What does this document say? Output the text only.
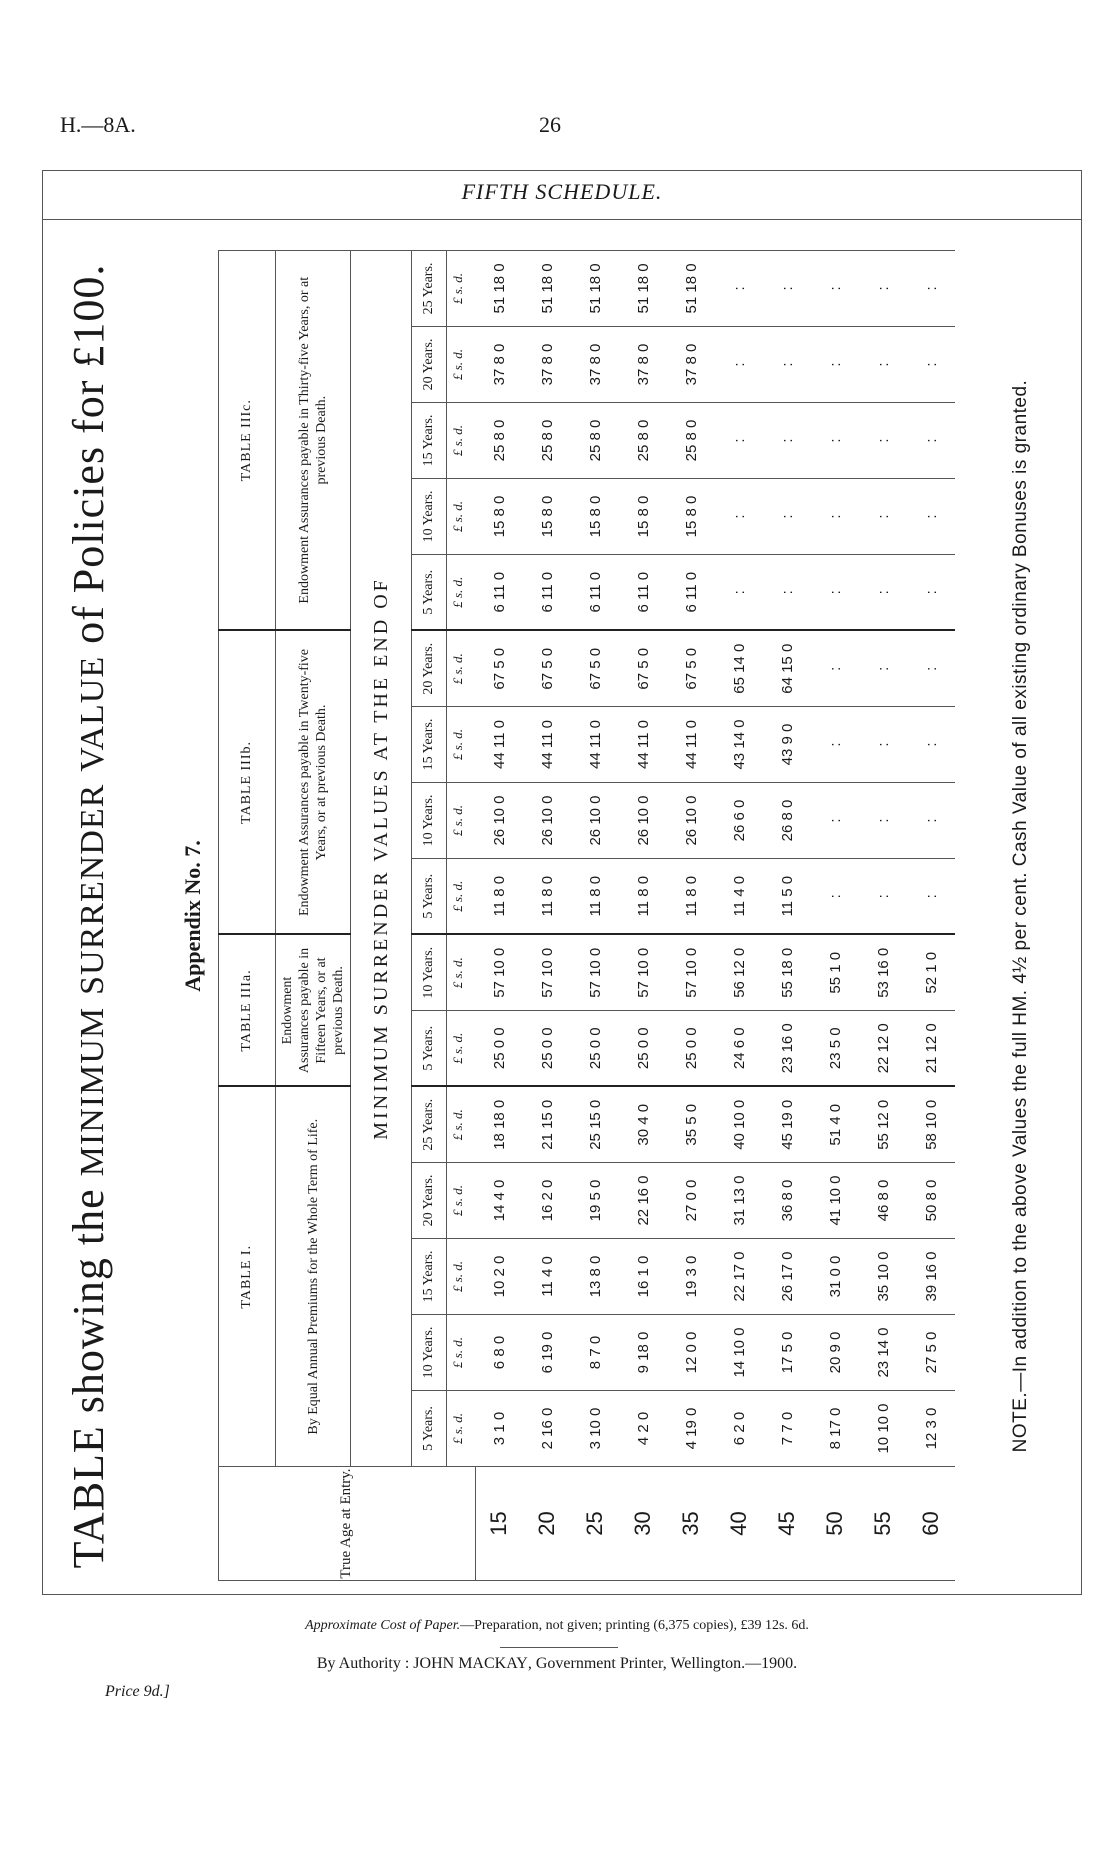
H.—8A.	26
FIFTH SCHEDULE.
TABLE showing the MINIMUM SURRENDER VALUE of Policies for £100.
Appendix No. 7.
True Age at Entry.	TABLE I.					TABLE IIIa.		TABLE IIIb.				TABLE IIIc.				
	By Equal Annual Premiums for the Whole Term of Life.					Endowment Assurances payable in Fifteen Years, or at previous Death.		Endowment Assurances payable in Twenty-five Years, or at previous Death.				Endowment Assurances payable in Thirty-five Years, or at previous Death.				
	MINIMUM SURRENDER VALUES AT THE END OF															
	5 Years.	10 Years.	15 Years.	20 Years.	25 Years.	5 Years.	10 Years.	5 Years.	10 Years.	15 Years.	20 Years.	5 Years.	10 Years.	15 Years.	20 Years.	25 Years.
	£ s. d.	£ s. d.	£ s. d.	£ s. d.	£ s. d.	£ s. d.	£ s. d.	£ s. d.	£ s. d.	£ s. d.	£ s. d.	£ s. d.	£ s. d.	£ s. d.	£ s. d.	£ s. d.

15	3 1 0	6 8 0	10 2 0	14 4 0	18 18 0	25 0 0	57 10 0	11 8 0	26 10 0	44 11 0	67 5 0	6 11 0	15 8 0	25 8 0	37 8 0	51 18 0
20	2 16 0	6 19 0	11 4 0	16 2 0	21 15 0	25 0 0	57 10 0	11 8 0	26 10 0	44 11 0	67 5 0	6 11 0	15 8 0	25 8 0	37 8 0	51 18 0
25	3 10 0	8 7 0	13 8 0	19 5 0	25 15 0	25 0 0	57 10 0	11 8 0	26 10 0	44 11 0	67 5 0	6 11 0	15 8 0	25 8 0	37 8 0	51 18 0
30	4 2 0	9 18 0	16 1 0	22 16 0	30 4 0	25 0 0	57 10 0	11 8 0	26 10 0	44 11 0	67 5 0	6 11 0	15 8 0	25 8 0	37 8 0	51 18 0
35	4 19 0	12 0 0	19 3 0	27 0 0	35 5 0	25 0 0	57 10 0	11 8 0	26 10 0	44 11 0	67 5 0	6 11 0	15 8 0	25 8 0	37 8 0	51 18 0
40	6 2 0	14 10 0	22 17 0	31 13 0	40 10 0	24 6 0	56 12 0	11 4 0	26 6 0	43 14 0	65 14 0	:	:	:	:	:
45	7 7 0	17 5 0	26 17 0	36 8 0	45 19 0	23 16 0	55 18 0	11 5 0	26 8 0	43 9 0	64 15 0	:	:	:	:	:
50	8 17 0	20 9 0	31 0 0	41 10 0	51 4 0	23 5 0	55 1 0	:	:	:	:	:	:	:	:	:
55	10 10 0	23 14 0	35 10 0	46 8 0	55 12 0	22 12 0	53 16 0	:	:	:	:	:	:	:	:	:
60	12 3 0	27 5 0	39 16 0	50 8 0	58 10 0	21 12 0	52 1 0	:	:	:	:	:	:	:	:	:
NOTE.—In addition to the above Values the full HM. 4½ per cent. Cash Value of all existing ordinary Bonuses is granted.
Approximate Cost of Paper.—Preparation, not given; printing (6,375 copies), £39 12s. 6d.
By Authority : JOHN MACKAY, Government Printer, Wellington.—1900.
Price 9d.]
